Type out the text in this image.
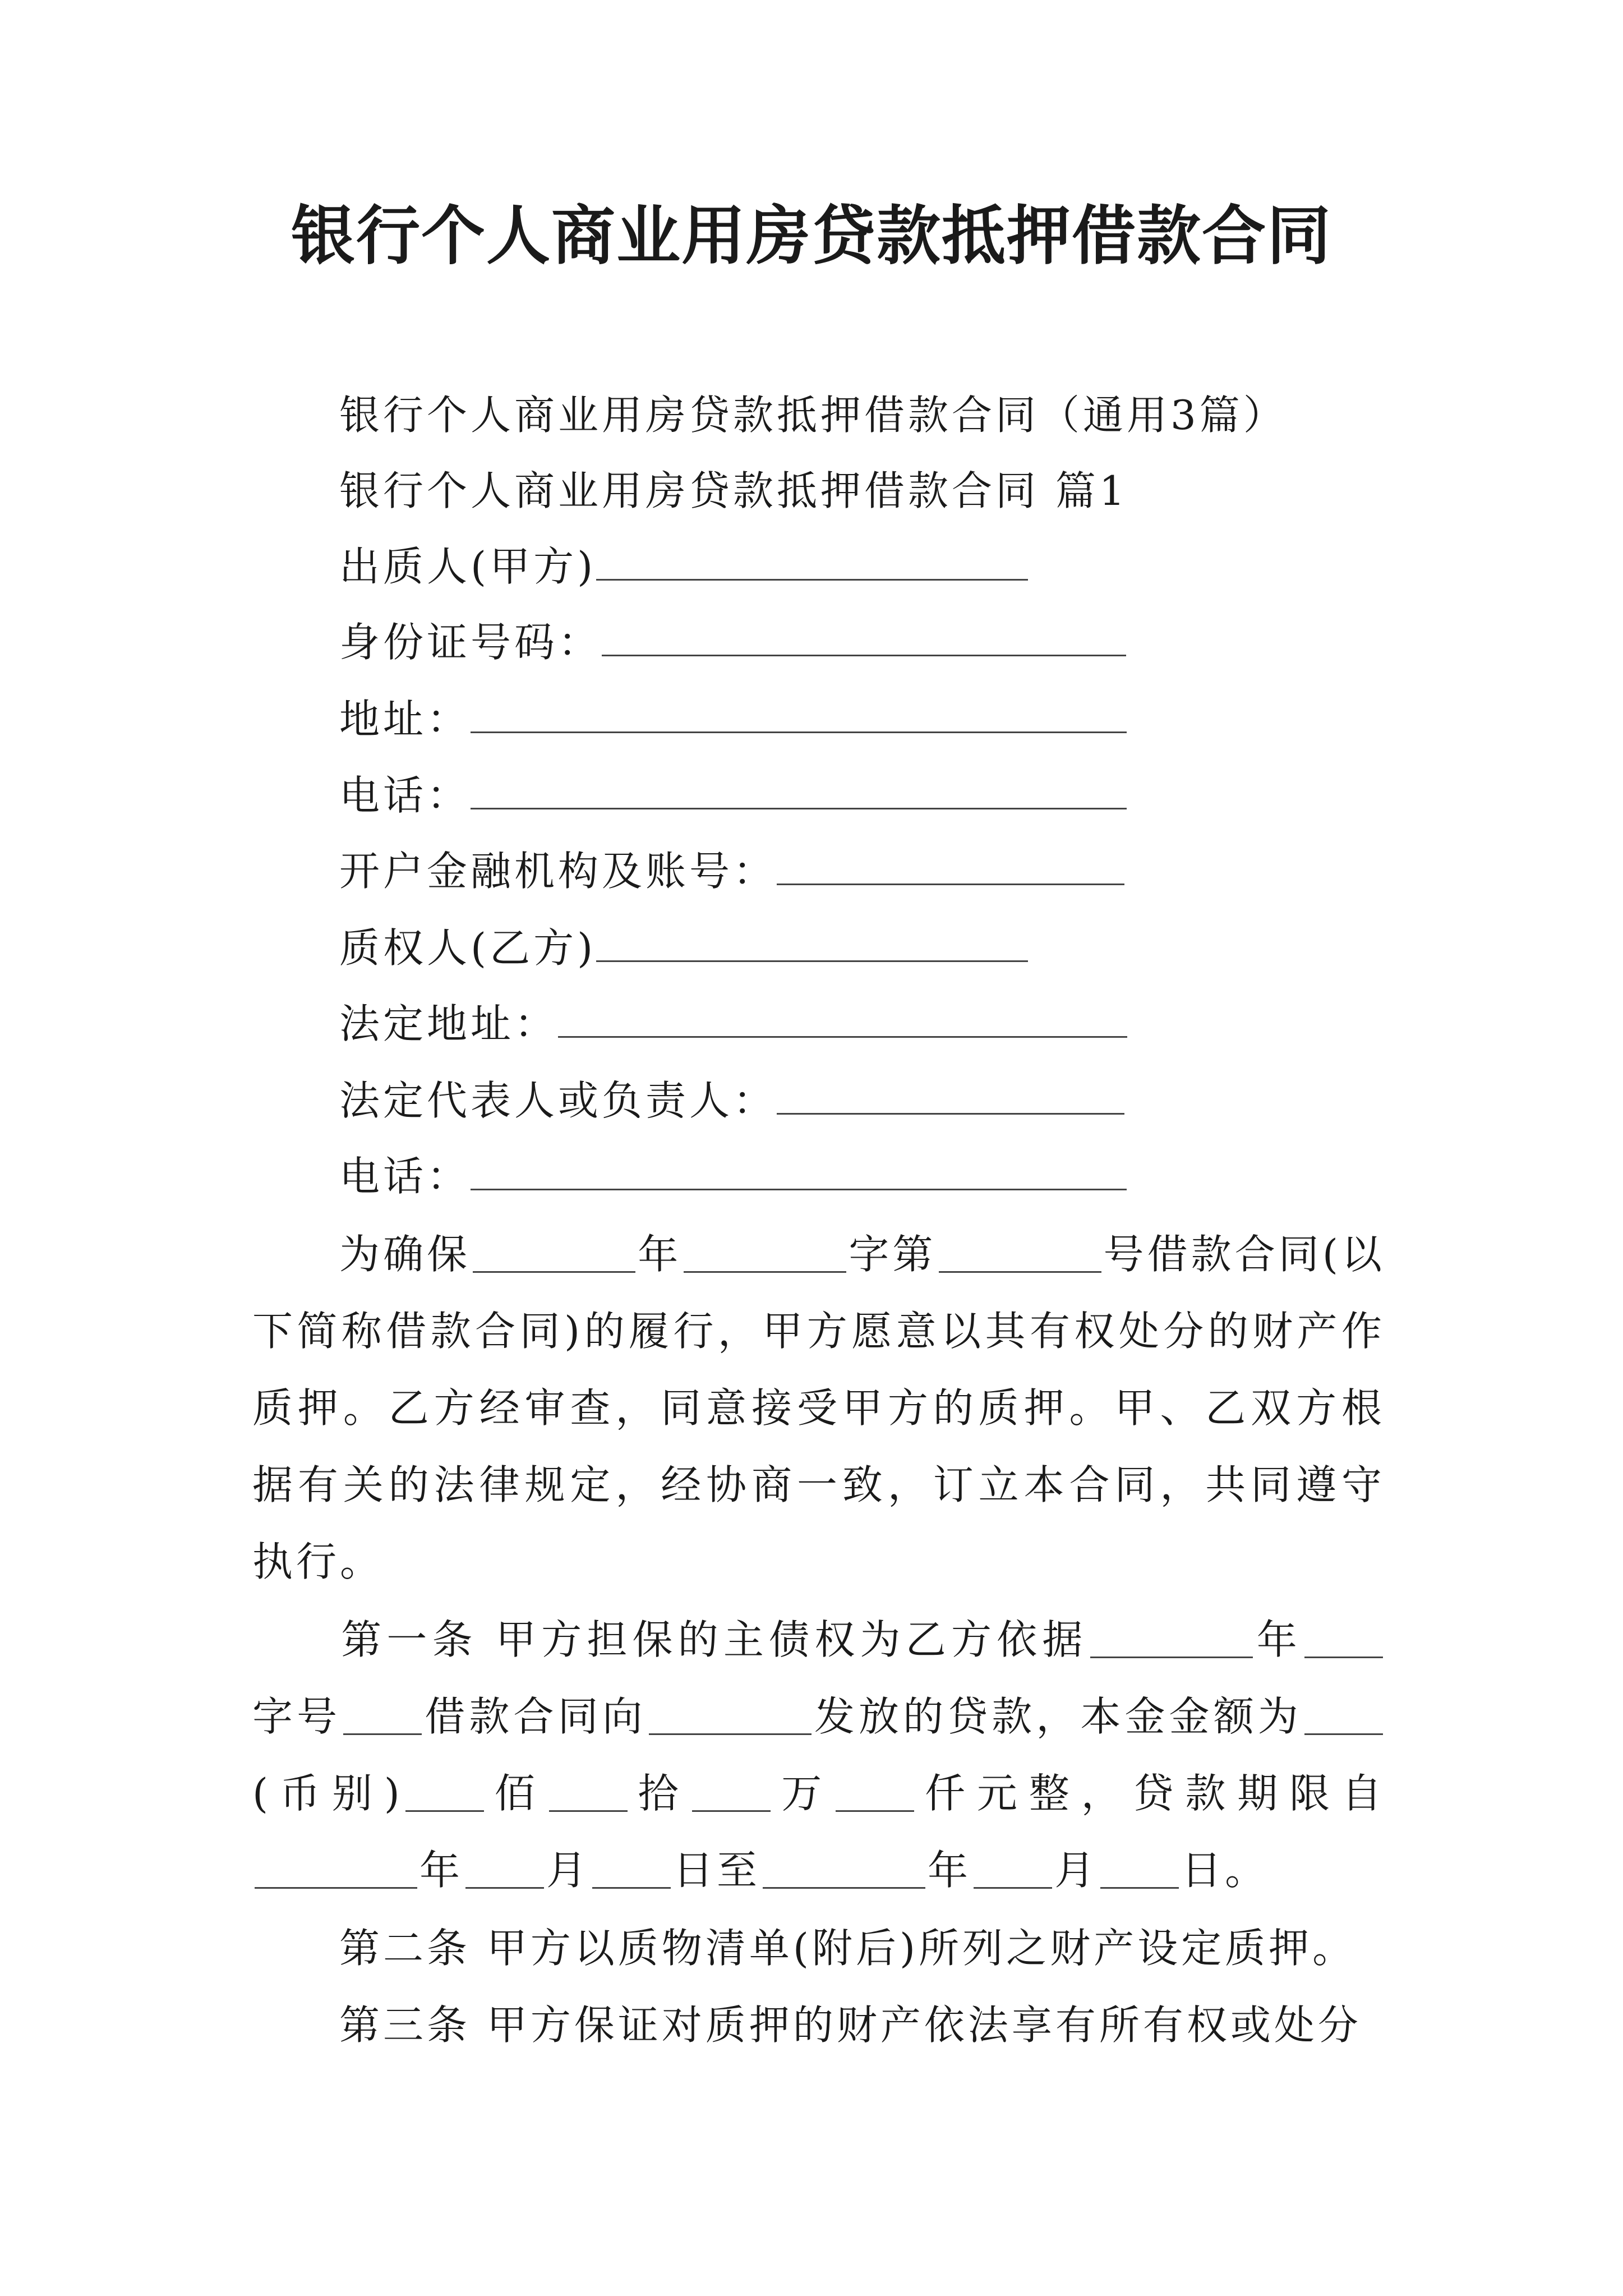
银行个人商业用房贷款抵押借款合同
银行个人商业用房贷款抵押借款合同（通用3篇）
银行个人商业用房贷款抵押借款合同 篇1
出质人(甲方)
身份证号码：
地址：
电话：
开户金融机构及账号：
质权人(乙方)
法定地址：
法定代表人或负责人：
电话：
为确保	年	字第	号借款合同(以下简称借款合同)的履行，甲方愿意以其有权处分的财产作质押。乙方经审查，同意接受甲方的质押。甲、乙双方根据有关的法律规定，经协商一致，订立本合同，共同遵守执行。
第一条 甲方担保的主债权为乙方依据	年字号 借款合同向	发放的贷款，本金金额为(币别) 佰 拾 万 仟元整，贷款期限自年 月 日至	年 月 日。
第二条 甲方以质物清单(附后)所列之财产设定质押。
第三条 甲方保证对质押的财产依法享有所有权或处分
